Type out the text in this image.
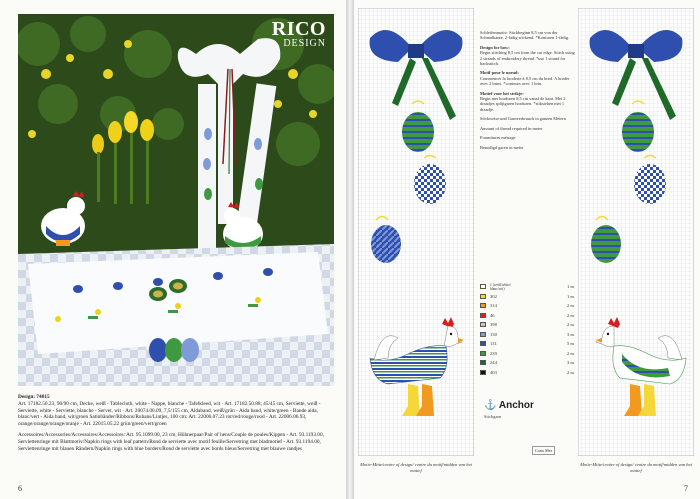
RICO
DESIGN

Design: 74815
Art. 17182.50.23, 90/90 cm, Decke, weiß - Tablecloth, white - Nappe, blanche - Tafelkleed, wit · Art. 17182.50.88, 45/45 cm, Serviette, weiß - Serviette, white - Serviette, blanche - Servet, wit · Art. 20074.00.09, 7,5/155 cm, Aidaband, weiß/grün - Aida band, white/green - Bande aida, blanc/vert - Aida band, wit/groen Satinbänder/Ribbons/Rubans/Lintjes, 100 cm: Art. 22006.07.23 rot/red/rouge/rood - Art. 22006.06.93, orange/orange/orange/oranje - Art. 22015.05.22 grün/green/vert/groen

Accessoires/Accessories/Accessoires/Accessoires: Art. 95.1099.00, 23 cm, Hühnerpaar/Pair of hens/Couple de poules/Kippen - Art. 93.1193.00, Serviettenringe mit Blattmotiv/Napkin rings with leaf pattern/Rond de serviette avec motif feuille/Servetring met bladmotief - Art. 93.1194.00, Serviettenringe mit blauen Rändern/Napkin rings with blue borders/Rond de serviette avec bords bleus/Servetring met blauwe randjes

6

Schleifenmotiv: Stickbeginn 8,5 cm von der Schmalkante, 2-fädig stickend. *Konturen 1-fädig.

Design for bow:
Begin stitching 8,5 cm from the cut edge. Stitch using 2 strands of embroidery thread. *use 1 strand for backstitch.

Motif pour le noeud:
Commencer la broderie à 8,5 cm du bord. A broder avec 2 brins. *contours avec 1 brin.

Motief voor het strikje:
Begin met borduren 8,5 cm vanaf de kant. Met 2 draadjes splijtgaren borduren. *stiksteken met 1 draadje.

Stickweise und Garnverbrauch in ganzen Metern

Amount of thread required in meter

Fournitures métrage

Benodigd garen in meter

1 (weiß/white/ blanc/wit)	1 m
302	1 m
314	2 m
46	2 m
398	2 m
130	3 m
131	5 m
239	2 m
244	3 m
403	2 m
⚓ Anchor
Stickgarn
Coats Mez
Motiv-Mitte/centre of design/ centre du motif/midden van het motief
Motiv-Mitte/centre of design/ centre du motif/midden van het motief
7
